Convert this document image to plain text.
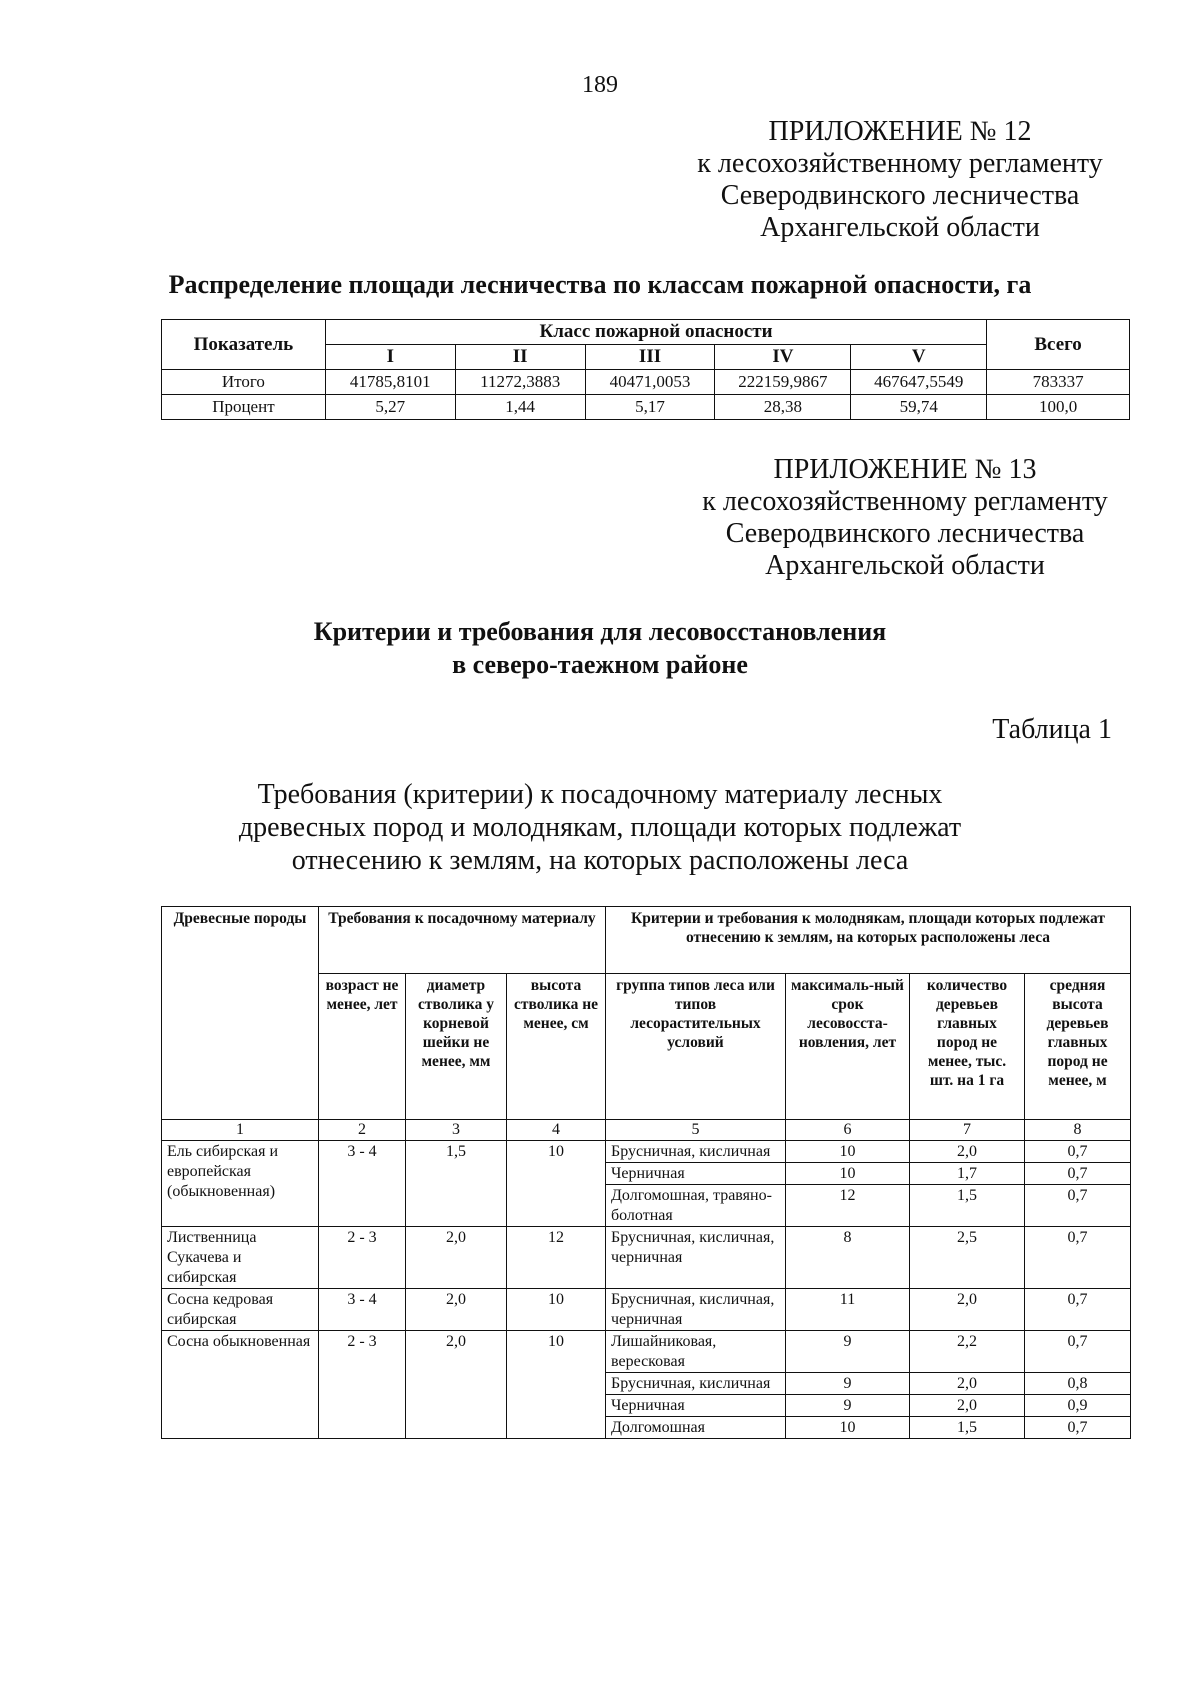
189
ПРИЛОЖЕНИЕ № 12
к лесохозяйственному регламенту
Северодвинского лесничества
Архангельской области
Распределение площади лесничества по классам пожарной опасности, га
Показатель	Класс пожарной опасности					Всего
	I	II	III	IV	V	
Итого	41785,8101	11272,3883	40471,0053	222159,9867	467647,5549	783337
Процент	5,27	1,44	5,17	28,38	59,74	100,0
ПРИЛОЖЕНИЕ № 13
к лесохозяйственному регламенту
Северодвинского лесничества
Архангельской области
Критерии и требования для лесовосстановления
в северо-таежном районе
Таблица 1
Требования (критерии) к посадочному материалу лесных
древесных пород и молоднякам, площади которых подлежат
отнесению к землям, на которых расположены леса
Древесные породы	Требования к посадочному материалу			Критерии и требования к молоднякам, площади которых подлежат отнесению к землям, на которых расположены леса			
	возраст не менее, лет	диаметр стволика у корневой шейки не менее, мм	высота стволика не менее, см	группа типов леса или типов лесорастительных условий	максималь-ный срок лесовосста-новления, лет	количество деревьев главных пород не менее, тыс. шт. на 1 га	средняя высота деревьев главных пород не менее, м
1	2	3	4	5	6	7	8
Ель сибирская и европейская (обыкновенная)	3 - 4	1,5	10	Брусничная, кисличная	10	2,0	0,7
				Черничная	10	1,7	0,7
				Долгомошная, травяно-болотная	12	1,5	0,7
Лиственница Сукачева и сибирская	2 - 3	2,0	12	Брусничная, кисличная, черничная	8	2,5	0,7
Сосна кедровая сибирская	3 - 4	2,0	10	Брусничная, кисличная, черничная	11	2,0	0,7
Сосна обыкновенная	2 - 3	2,0	10	Лишайниковая, вересковая	9	2,2	0,7
				Брусничная, кисличная	9	2,0	0,8
				Черничная	9	2,0	0,9
				Долгомошная	10	1,5	0,7
